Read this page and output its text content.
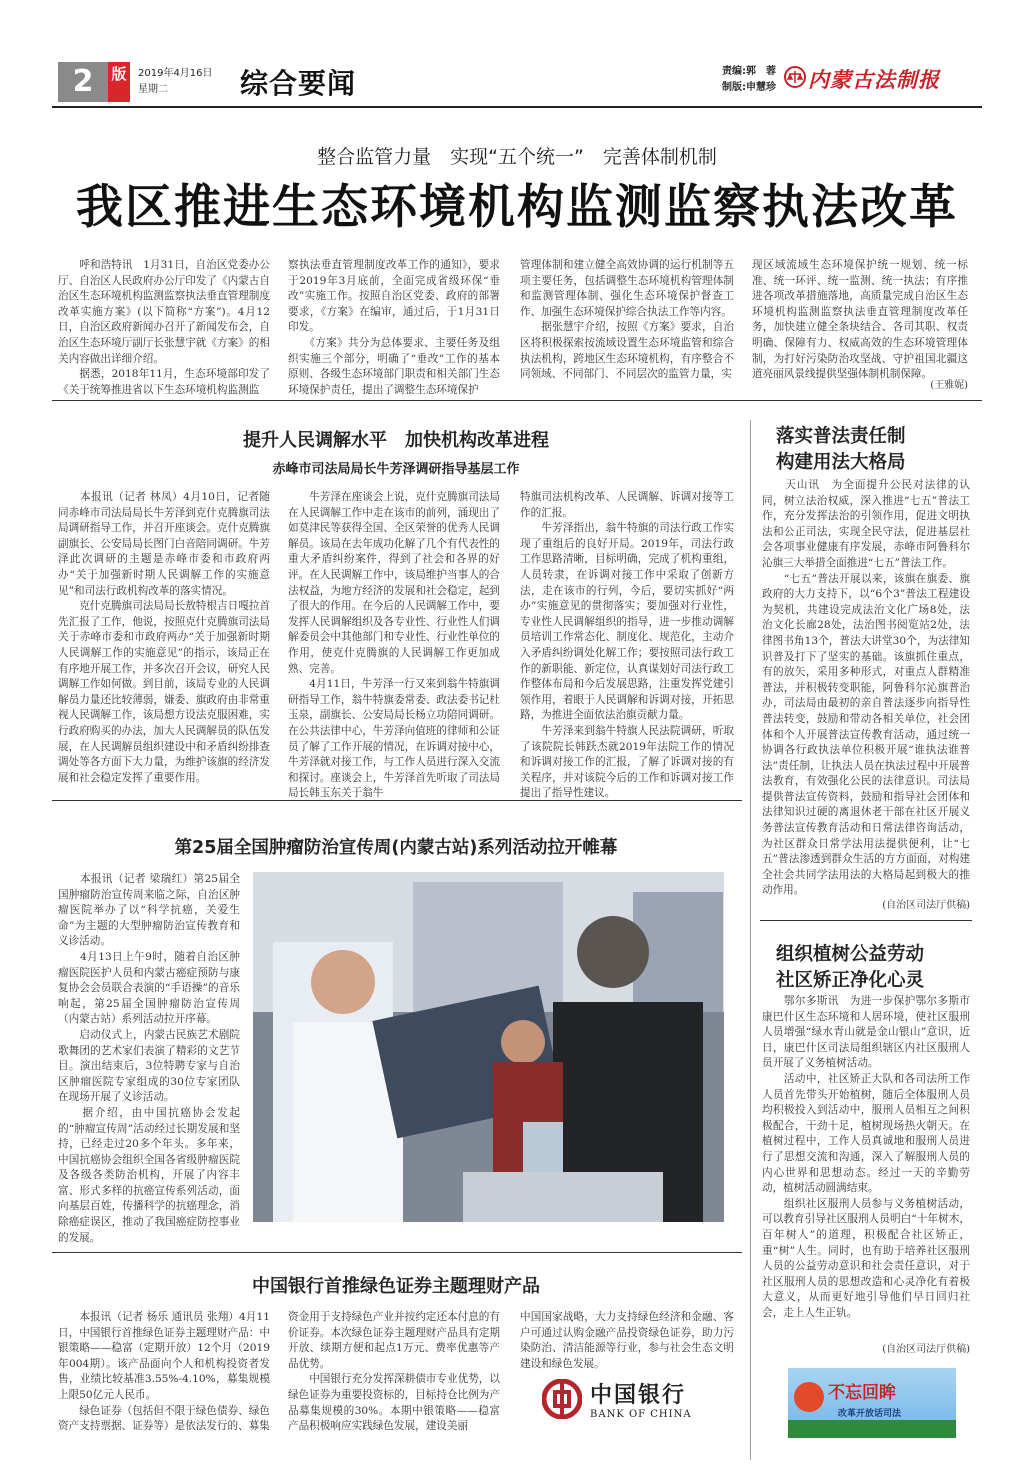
2	版	2019年4月16日
星期二	综合要闻	责编:郭　蓉
制版:申慧珍 内蒙古法制报
整合监管力量　实现“五个统一”　完善体制机制
我区推进生态环境机构监测监察执法改革
　　呼和浩特讯　1月31日，自治区党委办公厅、自治区人民政府办公厅印发了《内蒙古自治区生态环境机构监测监察执法垂直管理制度改革实施方案》(以下简称“方案”)。4月12日，自治区政府新闻办召开了新闻发布会，自治区生态环境厅副厅长张慧宇就《方案》的相关内容做出详细介绍。
　　据悉，2018年11月，生态环境部印发了《关于统筹推进省以下生态环境机构监测监
察执法垂直管理制度改革工作的通知》，要求于2019年3月底前，全面完成省级环保“垂改”实施工作。按照自治区党委、政府的部署要求，《方案》在编审，通过后，于1月31日印发。
　　《方案》共分为总体要求、主要任务及组织实施三个部分，明确了“垂改”工作的基本原则、各级生态环境部门职责和相关部门生态环境保护责任，提出了调整生态环境保护
管理体制和建立健全高效协调的运行机制等五项主要任务，包括调整生态环境机构管理体制和监测管理体制、强化生态环境保护督查工作、加强生态环境保护综合执法工作等内容。
　　据张慧宇介绍，按照《方案》要求，自治区将积极探索按流域设置生态环境监管和综合执法机构，跨地区生态环境机构，有序整合不同领域、不同部门、不同层次的监管力量，实
现区域流域生态环境保护统一规划、统一标准、统一环评、统一监测、统一执法；有序推进各项改革措施落地，高质量完成自治区生态环境机构监测监察执法垂直管理制度改革任务，加快建立健全条块结合、各司其职、权责明确、保障有力、权威高效的生态环境管理体制，为打好污染防治攻坚战、守护祖国北疆这道亮丽风景线提供坚强体制机制保障。
(王雅妮)
提升人民调解水平　加快机构改革进程
赤峰市司法局局长牛芳泽调研指导基层工作
　　本报讯（记者 林凤）4月10日，记者随同赤峰市司法局局长牛芳泽到克什克腾旗司法局调研指导工作，并召开座谈会。克什克腾旗副旗长、公安局局长图门白音陪同调研。牛芳泽此次调研的主题是赤峰市委和市政府两办“关于加强新时期人民调解工作的实施意见”和司法行政机构改革的落实情况。
　　克什克腾旗司法局局长敖特根吉日嘎拉首先汇报了工作，他说，按照克什克腾旗司法局关于赤峰市委和市政府两办“关于加强新时期人民调解工作的实施意见”的指示，该局正在有序地开展工作，并多次召开会议，研究人民调解工作如何做。到目前，该局专业的人民调解员力量还比较薄弱，嫌委、旗政府由非常重视人民调解工作，该局想方设法克服困难，实行政府购买的办法，加大人民调解员的队伍发展，在人民调解员组织建设中和矛盾纠纷排查调处等各方面下大力量，为维护该旗的经济发展和社会稳定发挥了重要作用。
　　牛芳泽在座谈会上说，克什克腾旗司法局在人民调解工作中走在该市的前列，涌现出了如莫津民等获得全国、全区荣誉的优秀人民调解员。该局在去年成功化解了几个有代表性的重大矛盾纠纷案件，得到了社会和各界的好评。在人民调解工作中，该局维护当事人的合法权益，为地方经济的发展和社会稳定，起到了很大的作用。在今后的人民调解工作中，要发挥人民调解组织及各专业性、行业性人们调解委员会中其他部门和专业性、行业性单位的作用，使克什克腾旗的人民调解工作更加成熟、完善。
　　4月11日，牛芳泽一行又来到翁牛特旗调研指导工作，翁牛特旗委常委、政法委书记杜玉泉，副旗长、公安局局长杨立功陪同调研。在公共法律中心，牛芳泽向值班的律师和公证员了解了工作开展的情况，在诉调对接中心，牛芳泽就对接工作，与工作人员进行深入交流和探讨。座谈会上，牛芳泽首先听取了司法局局长韩玉东关于翁牛
特旗司法机构改革、人民调解、诉调对接等工作的汇报。
　　牛芳泽指出，翁牛特旗的司法行政工作实现了重组后的良好开局。2019年，司法行政工作思路清晰，目标明确，完成了机构重组，人员转隶，在诉调对接工作中采取了创新方法，走在该市的行列，今后，要切实抓好“两办”实施意见的贯彻落实；要加强对行业性，专业性人民调解组织的指导，进一步推动调解员培训工作常态化、制度化、规范化，主动介入矛盾纠纷调处化解工作；要按照司法行政工作的新职能、新定位，认真谋划好司法行政工作整体布局和今后发展思路，注重发挥党建引领作用，着眼于人民调解和诉调对接，开拓思路，为推进全面依法治旗贡献力量。
　　牛芳泽来到翁牛特旗人民法院调研，听取了该院院长韩跃杰就2019年法院工作的情况和诉调对接工作的汇报，了解了诉调对接的有关程序，并对该院今后的工作和诉调对接工作提出了指导性建议。
第25届全国肿瘤防治宣传周(内蒙古站)系列活动拉开帷幕
　　本报讯（记者 梁瑞红）第25届全国肿瘤防治宣传周来临之际，自治区肿瘤医院举办了以“科学抗癌，关爱生命”为主题的大型肿瘤防治宣传教育和义诊活动。
　　4月13日上午9时，随着自治区肿瘤医院医护人员和内蒙古癌症预防与康复协会会员联合表演的“手语操”的音乐响起，第25届全国肿瘤防治宣传周（内蒙古站）系列活动拉开序幕。
　　启动仪式上，内蒙古民族艺术剧院歌舞团的艺术家们表演了精彩的文艺节目。演出结束后，3位特聘专家与自治区肿瘤医院专家组成的30位专家团队在现场开展了义诊活动。
　　据介绍，由中国抗癌协会发起的“肿瘤宣传周”活动经过长期发展和坚持，已经走过20多个年头。多年来，中国抗癌协会组织全国各省级肿瘤医院及各级各类防治机构，开展了内容丰富、形式多样的抗癌宣传系列活动，面向基层百姓，传播科学的抗癌理念，消除癌症误区，推动了我国癌症防控事业的发展。
中国银行首推绿色证券主题理财产品
　　本报讯（记者 杨乐 通讯员 张翔）4月11日，中国银行首推绿色证券主题理财产品：中银策略——稳富（定期开放）12个月（2019年004期）。该产品面向个人和机构投资者发售，业绩比较基准3.55%-4.10%，募集规模上限50亿元人民币。
　　绿色证券（包括但不限于绿色债券、绿色资产支持票据、证券等）是依法发行的、募集
资金用于支持绿色产业并按约定还本付息的有价证券。本次绿色证券主题理财产品具有定期开放、续期方便和起点1万元、费率优惠等产品优势。
　　中国银行充分发挥深耕债市专业优势，以绿色证券为重要投资标的，目标持仓比例为产品募集规模的30%。本期中银策略——稳富产品积极响应实践绿色发展，建设美丽
中国国家战略，大力支持绿色经济和金融、客户可通过认购金融产品投资绿色证券，助力污染防治、清洁能源等行业，参与社会生态文明建设和绿色发展。
中国银行
BANK OF CHINA
落实普法责任制
构建用法大格局
　　天山讯　为全面提升公民对法律的认同，树立法治权威，深入推进“七五”普法工作，充分发挥法治的引领作用，促进文明执法和公正司法，实现全民守法，促进基层社会各项事业健康有序发展，赤峰市阿鲁科尔沁旗三大举措全面推进“七五”普法工作。
　　“七五”普法开展以来，该旗在旗委、旗政府的大力支持下，以“6个3”普法工程建设为契机，共建设完成法治文化广场8处，法治文化长廊28处，法治图书阅览站2处，法律图书角13个，普法大讲堂30个，为法律知识普及打下了坚实的基础。该旗抓住重点，有的放矢，采用多种形式，对重点人群精准普法，并积极转变职能，阿鲁科尔沁旗普治办，司法局由最初的亲自普法逐步向指导性普法转变，鼓励和带动各相关单位，社会团体和个人开展普法宣传教育活动，通过统一协调各行政执法单位积极开展“谁执法谁普法”责任制，让执法人员在执法过程中开展普法教育，有效强化公民的法律意识。司法局提供普法宣传资料，鼓励和指导社会团体和法律知识过硬的离退休老干部在社区开展义务普法宣传教育活动和日常法律咨询活动，为社区群众日常学法用法提供便利，让“七五”普法渗透到群众生活的方方面面，对构建全社会共同学法用法的大格局起到极大的推动作用。
(自治区司法厅供稿)
组织植树公益劳动
社区矫正净化心灵
　　鄂尔多斯讯　为进一步保护鄂尔多斯市康巴什区生态环境和人居环境，使社区服刑人员增强“绿水青山就是金山银山”意识，近日，康巴什区司法局组织辖区内社区服刑人员开展了义务植树活动。
　　活动中，社区矫正大队和各司法所工作人员首先带头开始植树，随后全体服刑人员均积极投入到活动中，服刑人员相互之间积极配合，干劲十足，植树现场热火朝天。在植树过程中，工作人员真诚地和服刑人员进行了思想交流和沟通，深入了解服刑人员的内心世界和思想动态。经过一天的辛勤劳动，植树活动圆满结束。
　　组织社区服刑人员参与义务植树活动，可以教育引导社区服刑人员明白“十年树木，百年树人”的道理，积极配合社区矫正，重“树”人生。同时，也有助于培养社区服刑人员的公益劳动意识和社会责任意识，对于社区服刑人员的思想改造和心灵净化有着极大意义，从而更好地引导他们早日回归社会，走上人生正轨。
(自治区司法厅供稿)
不忘回眸
改革开放话司法
